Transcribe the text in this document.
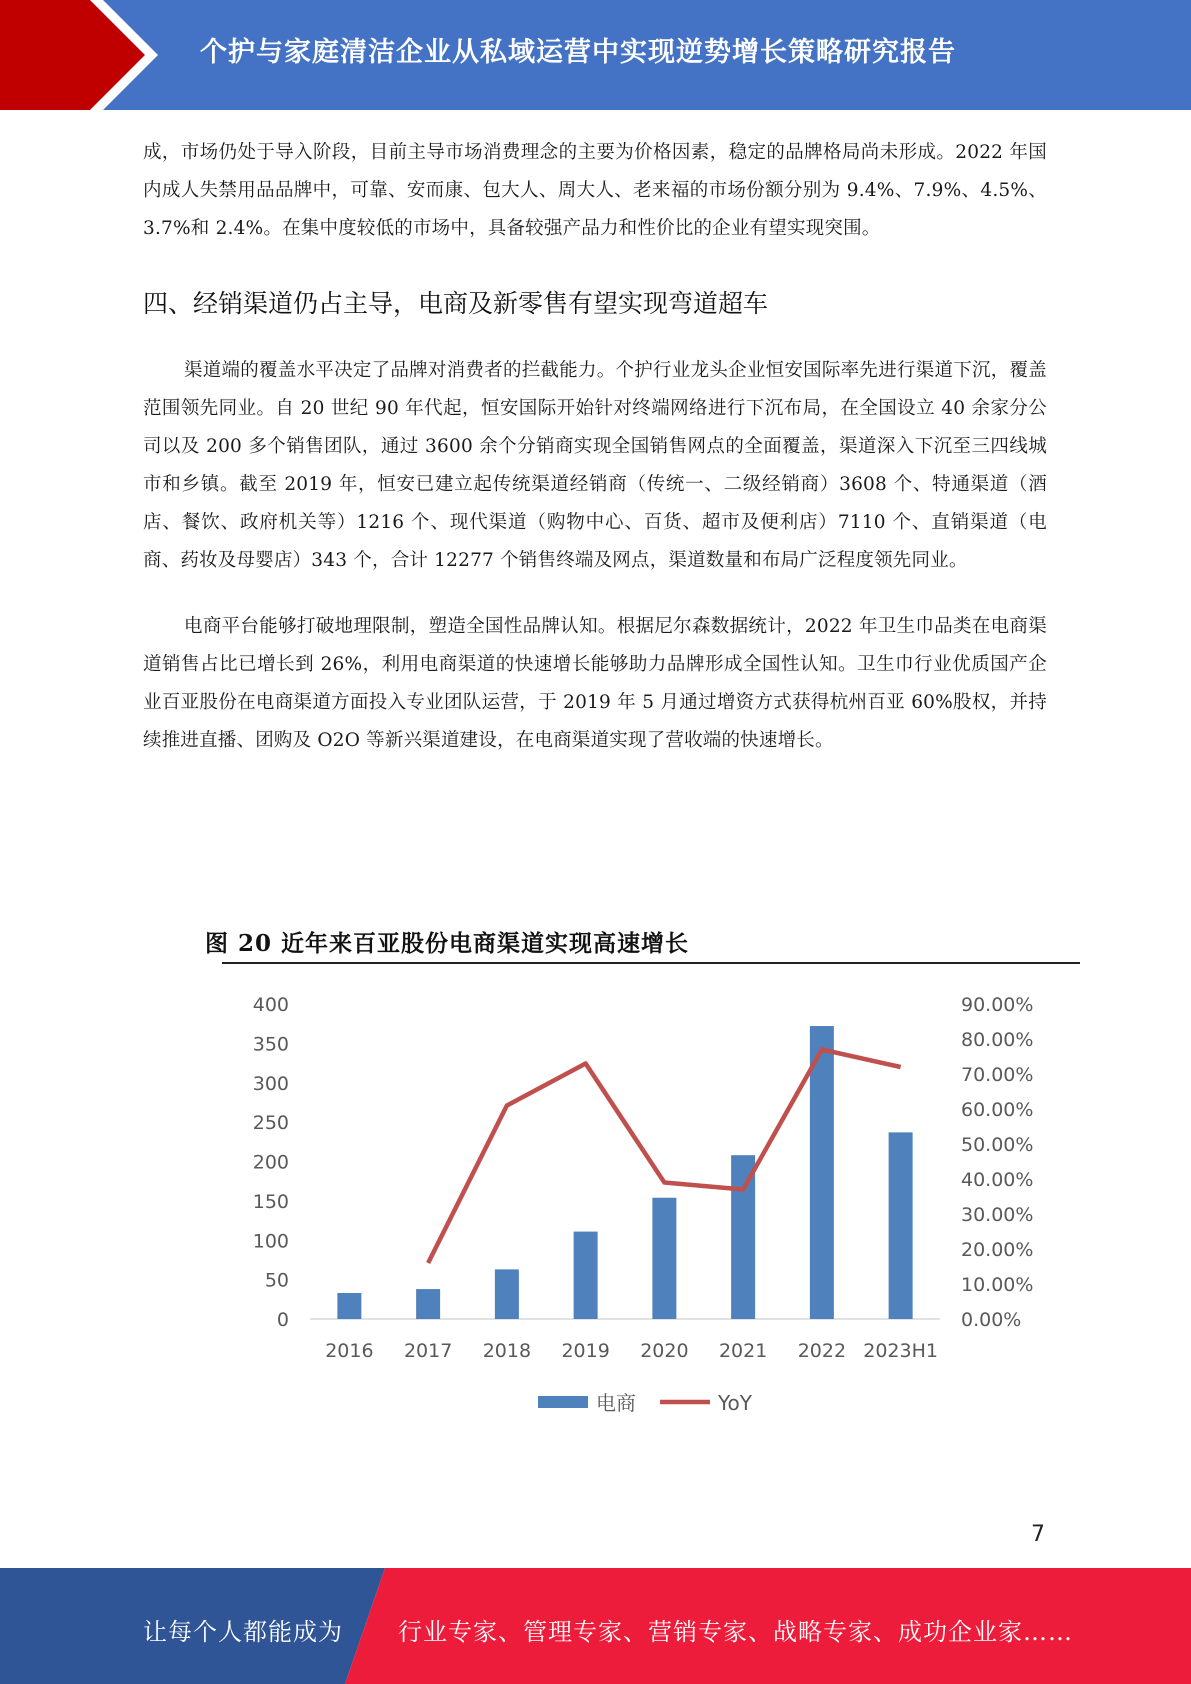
个护与家庭清洁企业从私域运营中实现逆势增长策略研究报告

成，市场仍处于导入阶段，目前主导市场消费理念的主要为价格因素，稳定的品牌格局尚未形成。2022 年国内成人失禁用品品牌中，可靠、安而康、包大人、周大人、老来福的市场份额分别为 9.4%、7.9%、4.5%、3.7%和 2.4%。在集中度较低的市场中，具备较强产品力和性价比的企业有望实现突围。

四、经销渠道仍占主导，电商及新零售有望实现弯道超车

渠道端的覆盖水平决定了品牌对消费者的拦截能力。个护行业龙头企业恒安国际率先进行渠道下沉，覆盖范围领先同业。自 20 世纪 90 年代起，恒安国际开始针对终端网络进行下沉布局，在全国设立 40 余家分公司以及 200 多个销售团队，通过 3600 余个分销商实现全国销售网点的全面覆盖，渠道深入下沉至三四线城市和乡镇。截至 2019 年，恒安已建立起传统渠道经销商（传统一、二级经销商）3608 个、特通渠道（酒店、餐饮、政府机关等）1216 个、现代渠道（购物中心、百货、超市及便利店）7110 个、直销渠道（电商、药妆及母婴店）343 个，合计 12277 个销售终端及网点，渠道数量和布局广泛程度领先同业。

电商平台能够打破地理限制，塑造全国性品牌认知。根据尼尔森数据统计，2022 年卫生巾品类在电商渠道销售占比已增长到 26%，利用电商渠道的快速增长能够助力品牌形成全国性认知。卫生巾行业优质国产企业百亚股份在电商渠道方面投入专业团队运营，于 2019 年 5 月通过增资方式获得杭州百亚 60%股权，并持续推进直播、团购及 O2O 等新兴渠道建设，在电商渠道实现了营收端的快速增长。

图 20 近年来百亚股份电商渠道实现高速增长
0
50
100
150
200
250
300
350
400
0.00%
10.00%
20.00%
30.00%
40.00%
50.00%
60.00%
70.00%
80.00%
90.00%
2016 2017 2018 2019 2020 2021 2022 2023H1
电商	YoY
7
让每个人都能成为 行业专家、管理专家、营销专家、战略专家、成功企业家……
